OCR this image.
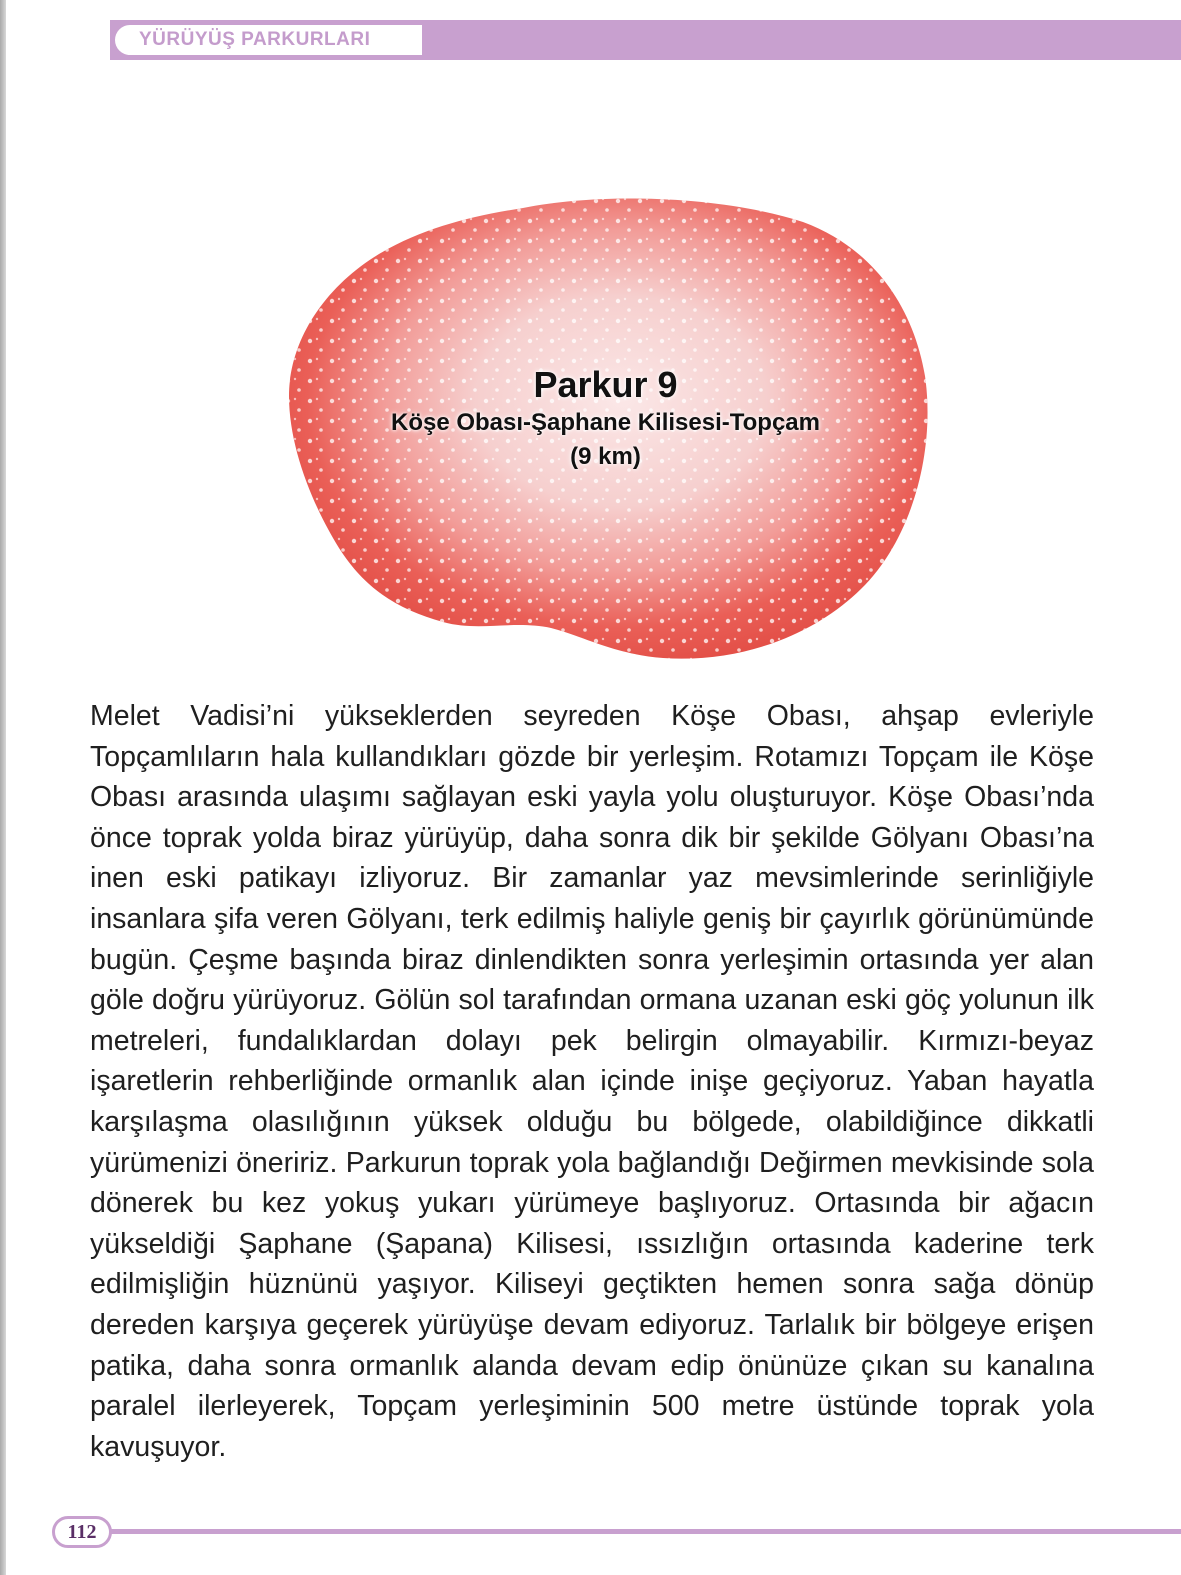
YÜRÜYÜŞ PARKURLARI
Parkur 9
Köşe Obası-Şaphane Kilisesi-Topçam
(9 km)

Melet Vadisi’ni yükseklerden seyreden Köşe Obası, ahşap evleriyle Topçamlıların hala kullandıkları gözde bir yerleşim. Rotamızı Topçam ile Köşe Obası arasında ulaşımı sağlayan eski yayla yolu oluşturuyor. Köşe Obası’nda önce toprak yolda biraz yürüyüp, daha sonra dik bir şekilde Gölyanı Obası’na inen eski patikayı izliyoruz. Bir zamanlar yaz mevsimlerinde serinliğiyle insanlara şifa veren Gölyanı, terk edilmiş haliyle geniş bir çayırlık görünümünde bugün. Çeşme başında biraz dinlendikten sonra yerleşimin ortasında yer alan göle doğru yürüyoruz. Gölün sol tarafından ormana uzanan eski göç yolunun ilk metreleri, fundalıklardan dolayı pek belirgin olmayabilir. Kırmızı-beyaz işaretlerin rehberliğinde ormanlık alan içinde inişe geçiyoruz. Yaban hayatla karşılaşma olasılığının yüksek olduğu bu bölgede, olabildiğince dikkatli yürümenizi öneririz. Parkurun toprak yola bağlandığı Değirmen mevkisinde sola dönerek bu kez yokuş yukarı yürümeye başlıyoruz. Ortasında bir ağacın yükseldiği Şaphane (Şapana) Kilisesi, ıssızlığın ortasında kaderine terk edilmişliğin hüznünü yaşıyor. Kiliseyi geçtikten hemen sonra sağa dönüp dereden karşıya geçerek yürüyüşe devam ediyoruz. Tarlalık bir bölgeye erişen patika, daha sonra ormanlık alanda devam edip önünüze çıkan su kanalına paralel ilerleyerek, Topçam yerleşiminin 500 metre üstünde toprak yola kavuşuyor.

112
